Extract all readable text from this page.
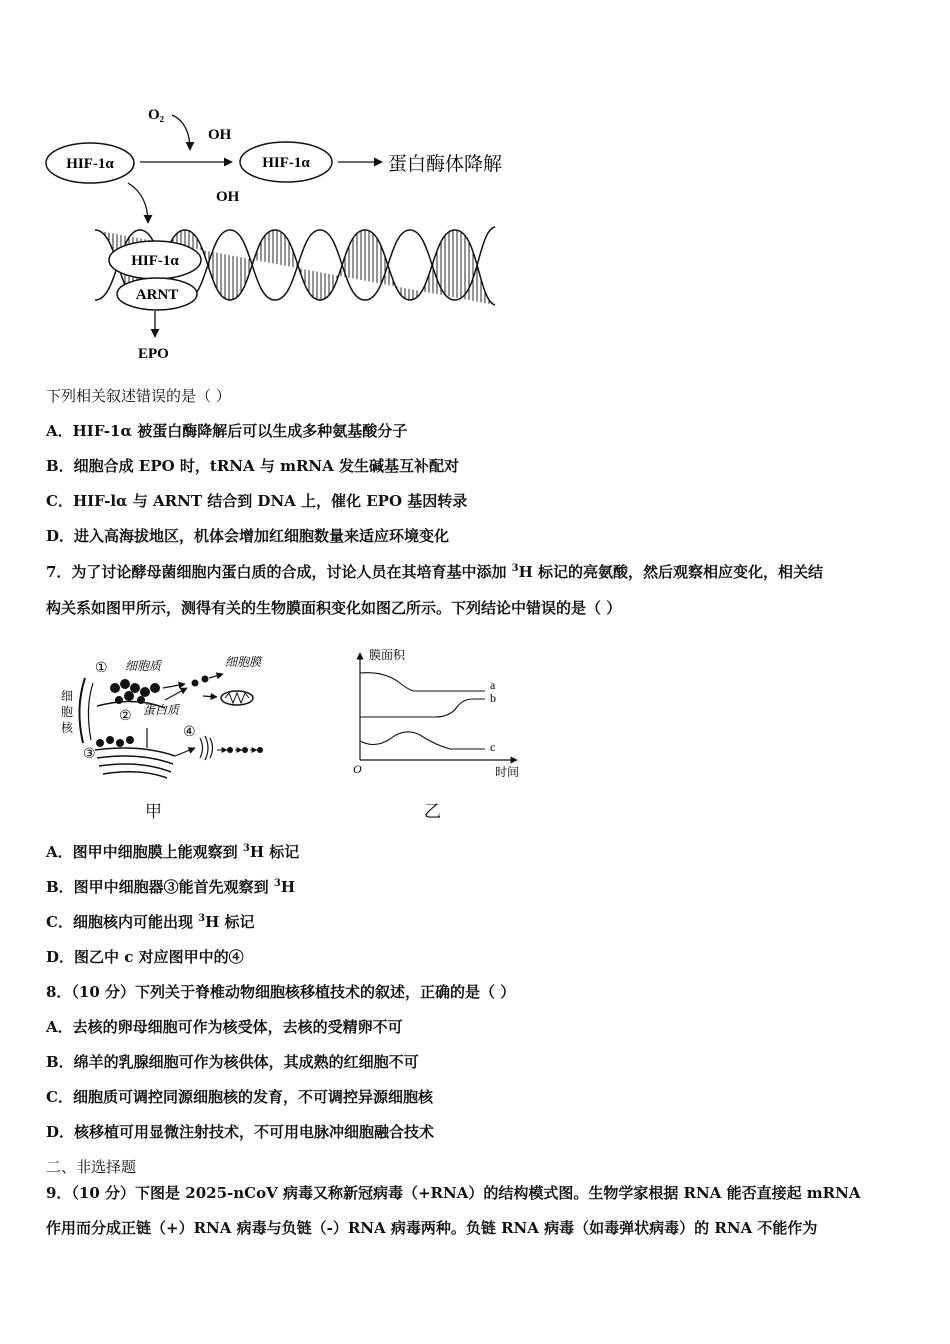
O₂
HIF-1α
OH
OH
HIF-1α	蛋白酶体降解
HIF-1α
ARNT
EPO
下列相关叙述错误的是（ ）
A．HIF-1α 被蛋白酶降解后可以生成多种氨基酸分子
B．细胞合成 EPO 时，tRNA 与 mRNA 发生碱基互补配对
C．HIF-lα 与 ARNT 结合到 DNA 上，催化 EPO 基因转录
D．进入高海拔地区，机体会增加红细胞数量来适应环境变化
7．为了讨论酵母菌细胞内蛋白质的合成，讨论人员在其培育基中添加 $^3$H 标记的亮氨酸，然后观察相应变化，相关结
构关系如图甲所示，测得有关的生物膜面积变化如图乙所示。下列结论中错误的是（ ）
① 细胞质	细胞膜
细
胞
核
② 蛋白质
③
④
甲
膜面积
时间
O
a
b
c
乙
A．图甲中细胞膜上能观察到 $^3$H 标记
B．图甲中细胞器③能首先观察到 $^3$H
C．细胞核内可能出现 $^3$H 标记
D．图乙中 c 对应图甲中的④
8．（10 分）下列关于脊椎动物细胞核移植技术的叙述，正确的是（ ）
A．去核的卵母细胞可作为核受体，去核的受精卵不可
B．绵羊的乳腺细胞可作为核供体，其成熟的红细胞不可
C．细胞质可调控同源细胞核的发育，不可调控异源细胞核
D．核移植可用显微注射技术，不可用电脉冲细胞融合技术
二、非选择题
9．（10 分）下图是 2025-nCoV 病毒又称新冠病毒（+RNA）的结构模式图。生物学家根据 RNA 能否直接起 mRNA
作用而分成正链（+）RNA 病毒与负链（-）RNA 病毒两种。负链 RNA 病毒（如毒弹状病毒）的 RNA 不能作为
